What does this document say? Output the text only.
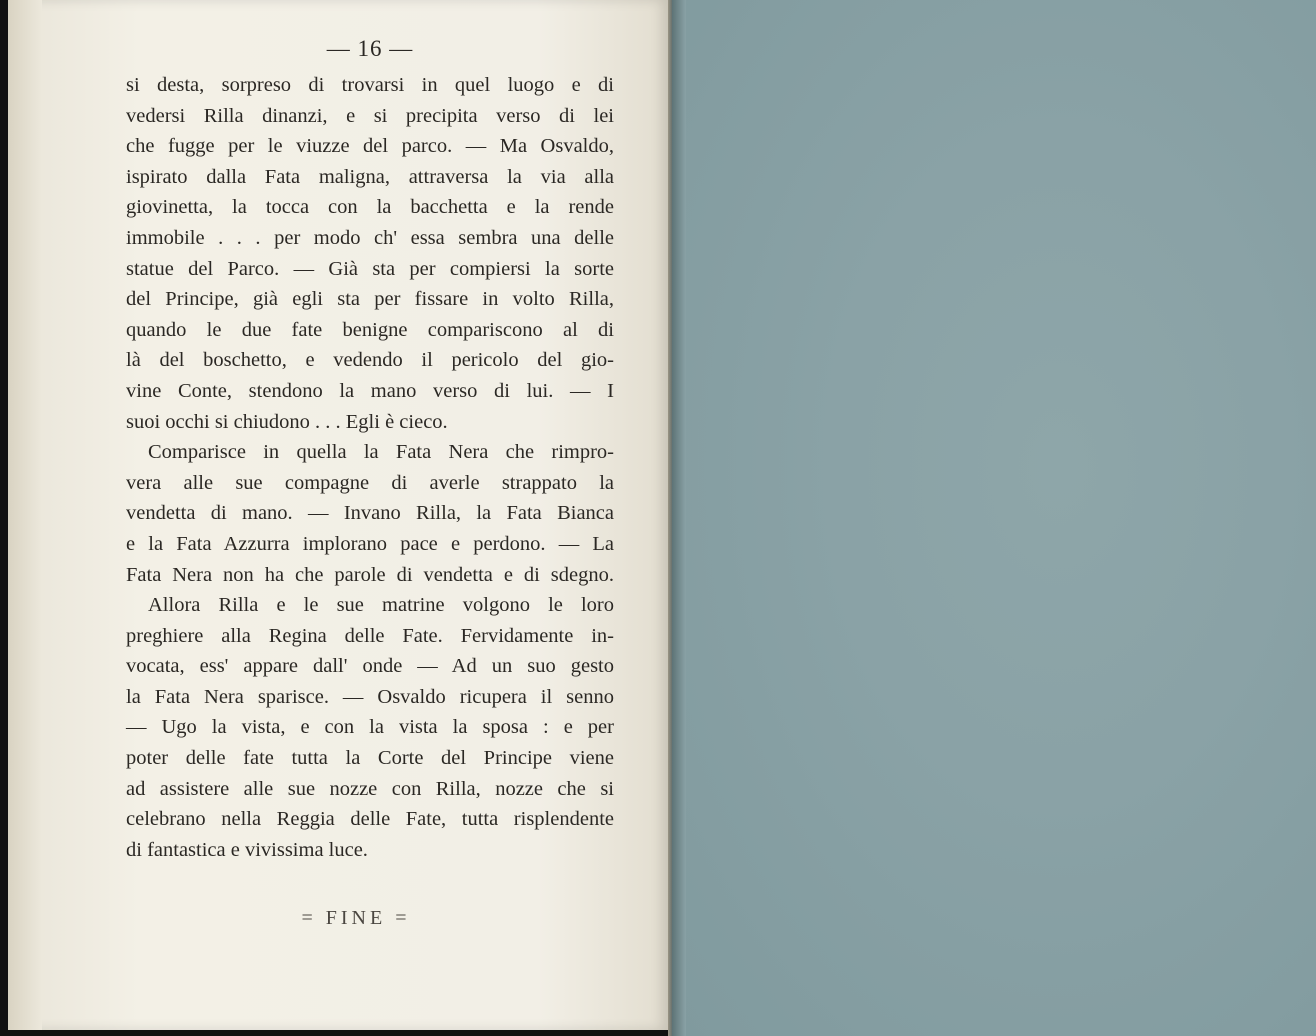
— 16 —
si desta, sorpreso di trovarsi in quel luogo e di
vedersi Rilla dinanzi, e si precipita verso di lei
che fugge per le viuzze del parco. — Ma Osvaldo,
ispirato dalla Fata maligna, attraversa la via alla
giovinetta, la tocca con la bacchetta e la rende
immobile . . . per modo ch' essa sembra una delle
statue del Parco. — Già sta per compiersi la sorte
del Principe, già egli sta per fissare in volto Rilla,
quando le due fate benigne compariscono al di
là del boschetto, e vedendo il pericolo del gio-
vine Conte, stendono la mano verso di lui. — I
suoi occhi si chiudono . . . Egli è cieco.
Comparisce in quella la Fata Nera che rimpro-
vera alle sue compagne di averle strappato la
vendetta di mano. — Invano Rilla, la Fata Bianca
e la Fata Azzurra implorano pace e perdono. — La
Fata Nera non ha che parole di vendetta e di sdegno.
Allora Rilla e le sue matrine volgono le loro
preghiere alla Regina delle Fate. Fervidamente in-
vocata, ess' appare dall' onde — Ad un suo gesto
la Fata Nera sparisce. — Osvaldo ricupera il senno
— Ugo la vista, e con la vista la sposa : e per
poter delle fate tutta la Corte del Principe viene
ad assistere alle sue nozze con Rilla, nozze che si
celebrano nella Reggia delle Fate, tutta risplendente
di fantastica e vivissima luce.
= FINE =
